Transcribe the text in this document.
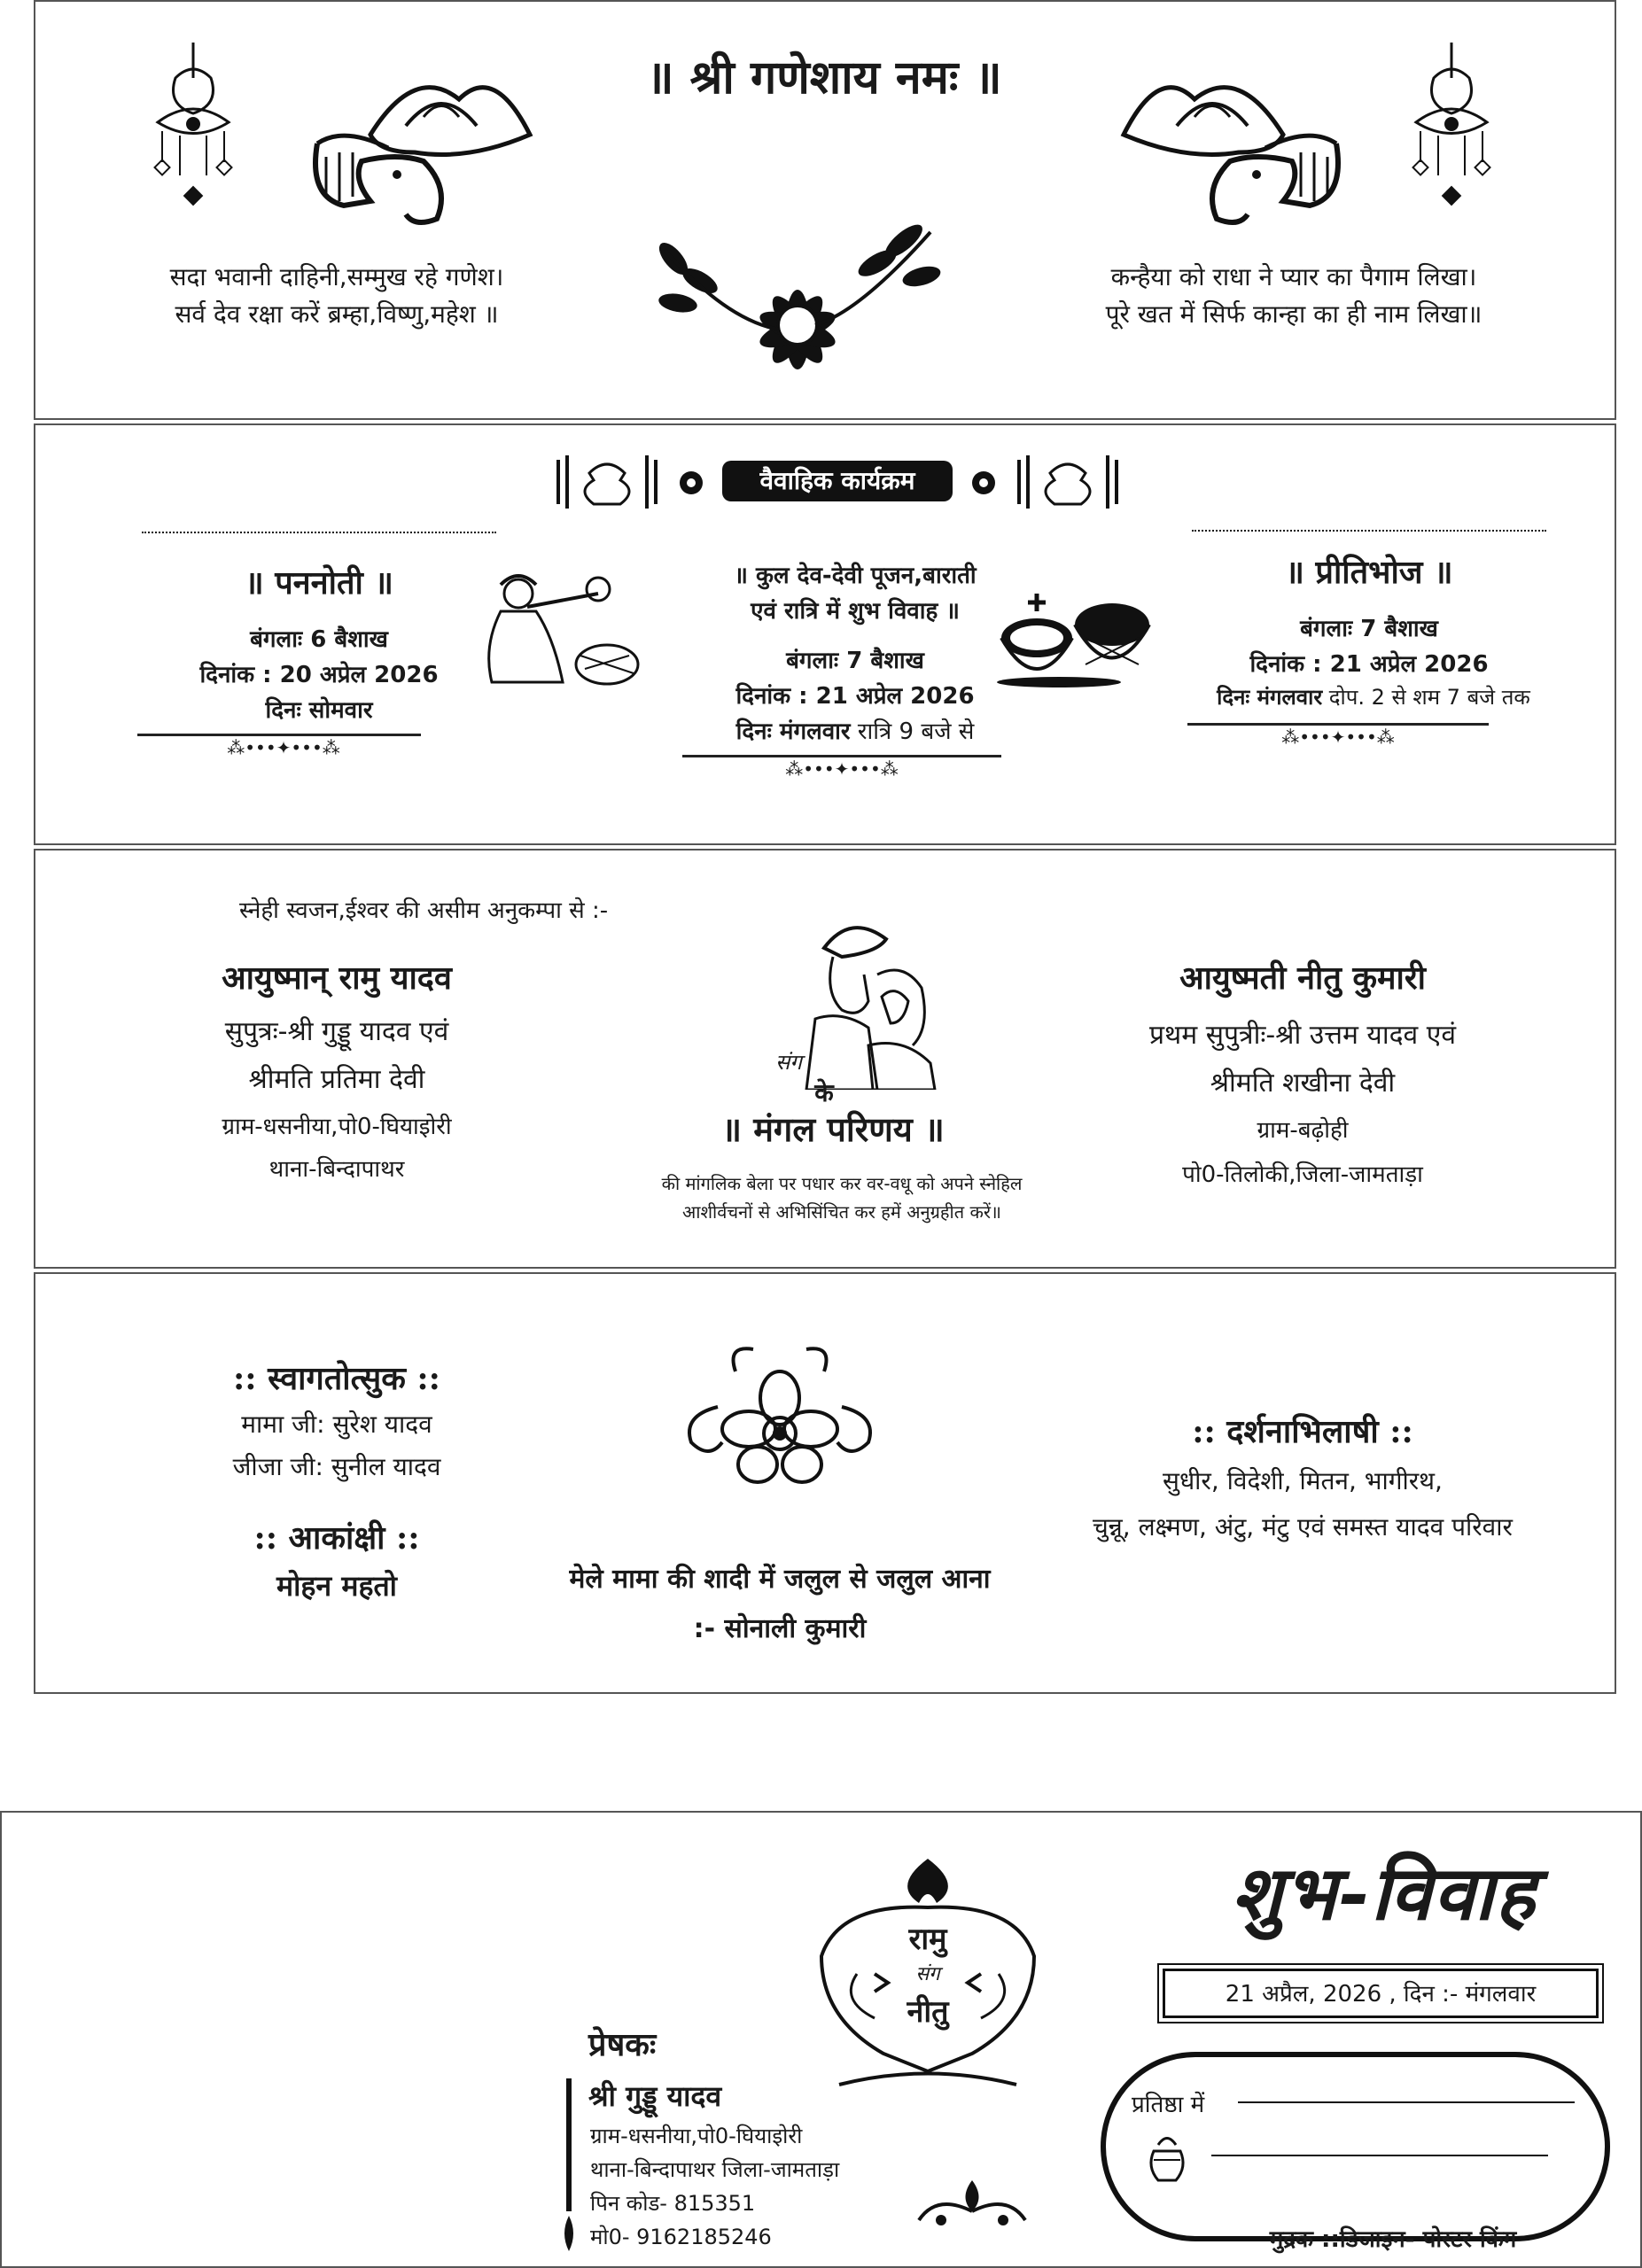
॥ श्री गणेशाय नमः ॥
सदा भवानी दाहिनी,सम्मुख रहे गणेश।
सर्व देव रक्षा करें ब्रम्हा,विष्णु,महेश ॥
कन्हैया को राधा ने प्यार का पैगाम लिखा।
पूरे खत में सिर्फ कान्हा का ही नाम लिखा॥
वैवाहिक कार्यक्रम
॥ पननोती ॥
बंगलाः 6 बैशाख
दिनांक : 20 अप्रेल 2026
दिनः सोमवार
⁂•••✦•••⁂
॥ कुल देव-देवी पूजन,बाराती
एवं रात्रि में शुभ विवाह ॥
बंगलाः 7 बैशाख
दिनांक : 21 अप्रेल 2026
दिनः मंगलवार रात्रि 9 बजे से
⁂•••✦•••⁂
॥ प्रीतिभोज ॥
बंगलाः 7 बैशाख
दिनांक : 21 अप्रेल 2026
दिनः मंगलवार दोप. 2 से शम 7 बजे तक
⁂•••✦•••⁂
स्नेही स्वजन,ईश्वर की असीम अनुकम्पा से :-
आयुष्मान् रामु यादव
सुपुत्रः-श्री गुड्डू यादव एवं
श्रीमति प्रतिमा देवी
ग्राम-धसनीया,पो0-घियाइोरी
थाना-बिन्दापाथर
संग
के
॥ मंगल परिणय ॥
की मांगलिक बेला पर पधार कर वर-वधू को अपने स्नेहिल
आशीर्वचनों से अभिसिंचित कर हमें अनुग्रहीत करें॥
आयुष्मती नीतु कुमारी
प्रथम सुपुत्रीः-श्री उत्तम यादव एवं
श्रीमति शखीना देवी
ग्राम-बढ़ोही
पो0-तिलोकी,जिला-जामताड़ा
:: स्वागतोत्सुक ::
मामा जी: सुरेश यादव
जीजा जी: सुनील यादव
:: आकांक्षी ::
मोहन महतो	मेले मामा की शादी में जलुल से जलुल आना
:- सोनाली कुमारी
:: दर्शनाभिलाषी ::
सुधीर, विदेशी, मितन, भागीरथ,
चुन्नू, लक्ष्मण, अंटु, मंटु एवं समस्त यादव परिवार
रामु
संग
नीतु
प्रेषकः
श्री गुड्डू यादव
ग्राम-धसनीया,पो0-घियाइोरी
थाना-बिन्दापाथर जिला-जामताड़ा
पिन कोड- 815351
मो0- 9162185246
शुभ-विवाह
21 अप्रैल, 2026 , दिन :- मंगलवार
प्रतिष्ठा में
मुद्रक ::डिजाइन- पोस्टर किंग
